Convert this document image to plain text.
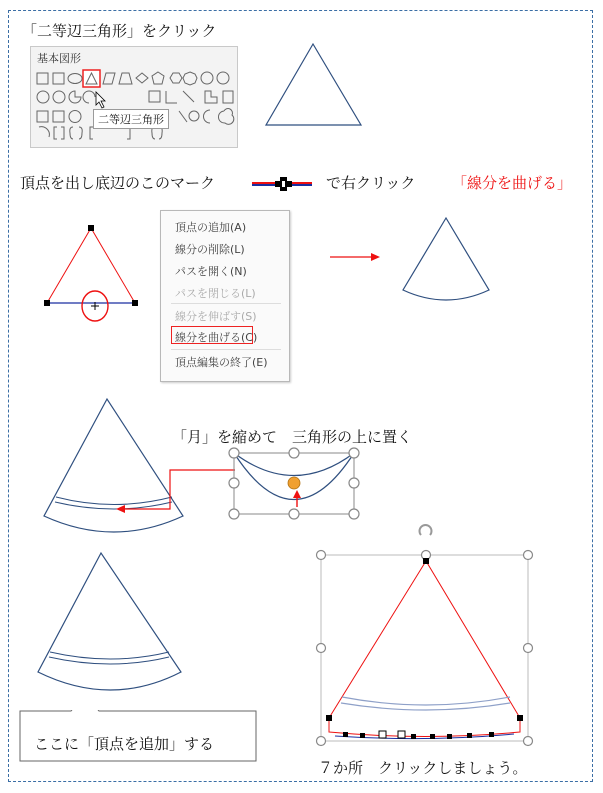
「二等辺三角形」をクリック
基本図形
二等辺三角形
頂点を出し底辺のこのマーク	で右クリック 「線分を曲げる」
頂点の追加(A)
線分の削除(L)
パスを開く(N)
パスを閉じる(L)
線分を伸ばす(S)
線分を曲げる(C)
頂点編集の終了(E)
「月」を縮めて　三角形の上に置く
ここに「頂点を追加」する
７か所　クリックしましょう。
